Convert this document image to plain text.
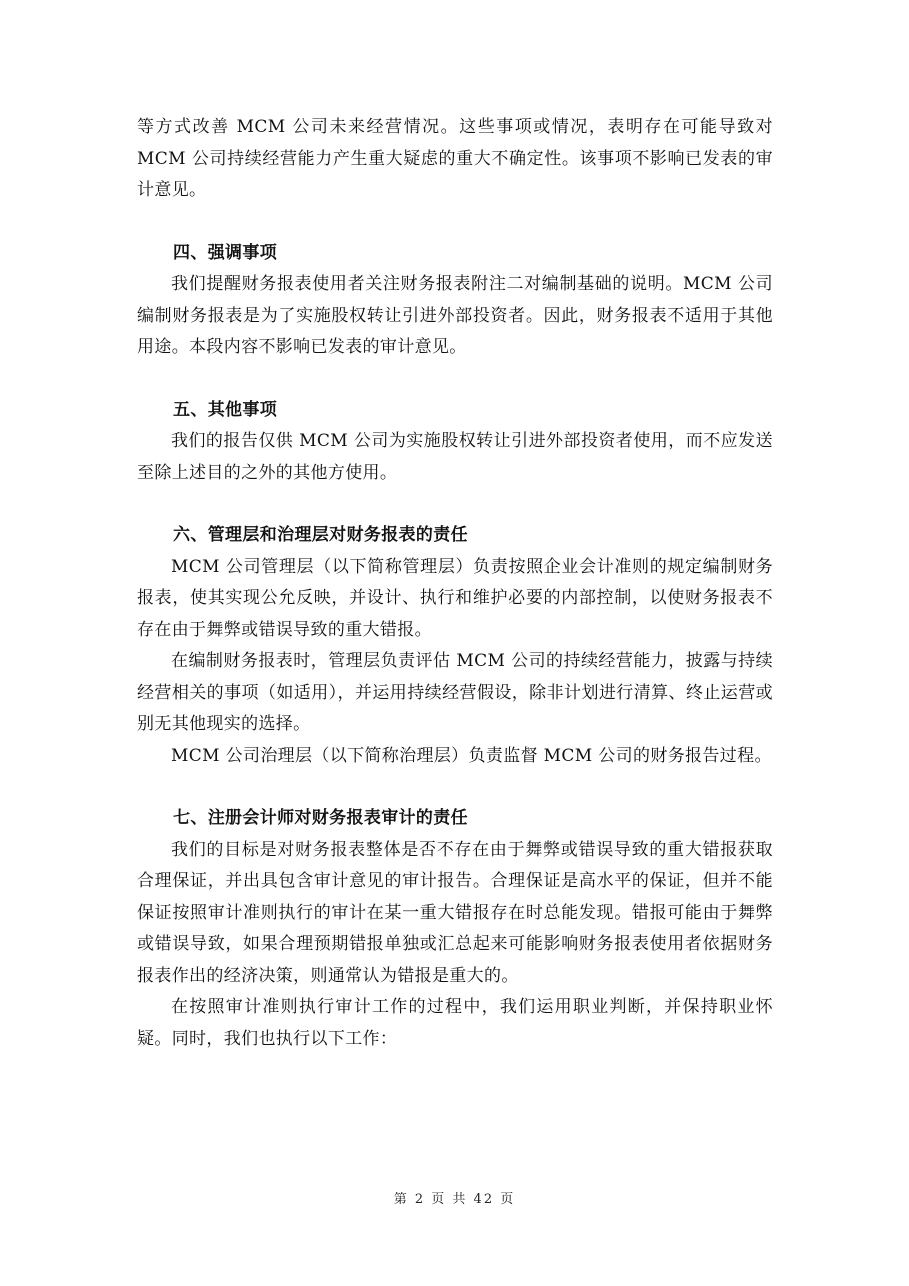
等方式改善 MCM 公司未来经营情况。这些事项或情况，表明存在可能导致对 MCM 公司持续经营能力产生重大疑虑的重大不确定性。该事项不影响已发表的审计意见。

四、强调事项

我们提醒财务报表使用者关注财务报表附注二对编制基础的说明。MCM 公司编制财务报表是为了实施股权转让引进外部投资者。因此，财务报表不适用于其他用途。本段内容不影响已发表的审计意见。

五、其他事项

我们的报告仅供 MCM 公司为实施股权转让引进外部投资者使用，而不应发送至除上述目的之外的其他方使用。

六、管理层和治理层对财务报表的责任

MCM 公司管理层（以下简称管理层）负责按照企业会计准则的规定编制财务报表，使其实现公允反映，并设计、执行和维护必要的内部控制，以使财务报表不存在由于舞弊或错误导致的重大错报。

在编制财务报表时，管理层负责评估 MCM 公司的持续经营能力，披露与持续经营相关的事项（如适用），并运用持续经营假设，除非计划进行清算、终止运营或别无其他现实的选择。

MCM 公司治理层（以下简称治理层）负责监督 MCM 公司的财务报告过程。

七、注册会计师对财务报表审计的责任

我们的目标是对财务报表整体是否不存在由于舞弊或错误导致的重大错报获取合理保证，并出具包含审计意见的审计报告。合理保证是高水平的保证，但并不能保证按照审计准则执行的审计在某一重大错报存在时总能发现。错报可能由于舞弊或错误导致，如果合理预期错报单独或汇总起来可能影响财务报表使用者依据财务报表作出的经济决策，则通常认为错报是重大的。

在按照审计准则执行审计工作的过程中，我们运用职业判断，并保持职业怀疑。同时，我们也执行以下工作：

第 2 页 共 42 页
